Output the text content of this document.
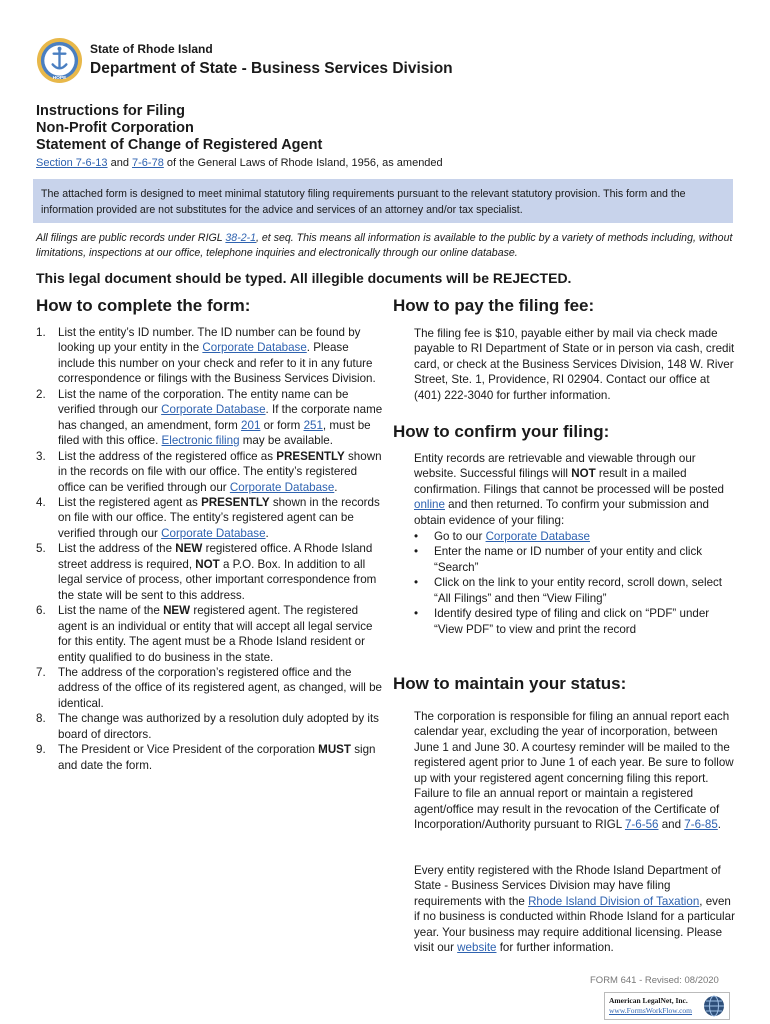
HOPE
State of Rhode Island
Department of State - Business Services Division
Instructions for Filing
Non-Profit Corporation
Statement of Change of Registered Agent
Section 7-6-13 and 7-6-78 of the General Laws of Rhode Island, 1956, as amended
The attached form is designed to meet minimal statutory filing requirements pursuant to the relevant statutory provision. This form and the information provided are not substitutes for the advice and services of an attorney and/or tax specialist.
All filings are public records under RIGL 38-2-1, et seq. This means all information is available to the public by a variety of methods including, without limitations, inspections at our office, telephone inquiries and electronically through our online database.
This legal document should be typed. All illegible documents will be REJECTED.
How to complete the form:
1. List the entity’s ID number. The ID number can be found by looking up your entity in the Corporate Database. Please include this number on your check and refer to it in any future correspondence or filings with the Business Services Division.
2. List the name of the corporation. The entity name can be verified through our Corporate Database. If the corporate name has changed, an amendment, form 201 or form 251, must be filed with this office. Electronic filing may be available.
3. List the address of the registered office as PRESENTLY shown in the records on file with our office. The entity’s registered office can be verified through our Corporate Database.
4. List the registered agent as PRESENTLY shown in the records on file with our office. The entity’s registered agent can be verified through our Corporate Database.
5. List the address of the NEW registered office. A Rhode Island street address is required, NOT a P.O. Box. In addition to all legal service of process, other important correspondence from the state will be sent to this address.
6. List the name of the NEW registered agent. The registered agent is an individual or entity that will accept all legal service for this entity. The agent must be a Rhode Island resident or entity qualified to do business in the state.
7. The address of the corporation’s registered office and the address of the office of its registered agent, as changed, will be identical.
8. The change was authorized by a resolution duly adopted by its board of directors.
9. The President or Vice President of the corporation MUST sign and date the form.
How to pay the filing fee:
The filing fee is $10, payable either by mail via check made payable to RI Department of State or in person via cash, credit card, or check at the Business Services Division, 148 W. River Street, Ste. 1, Providence, RI 02904. Contact our office at (401) 222-3040 for further information.
How to confirm your filing:
Entity records are retrievable and viewable through our website. Successful filings will NOT result in a mailed confirmation. Filings that cannot be processed will be posted online and then returned. To confirm your submission and obtain evidence of your filing:
• Go to our Corporate Database
• Enter the name or ID number of your entity and click “Search”
• Click on the link to your entity record, scroll down, select “All Filings” and then “View Filing”
• Identify desired type of filing and click on “PDF” under “View PDF” to view and print the record
How to maintain your status:
The corporation is responsible for filing an annual report each calendar year, excluding the year of incorporation, between June 1 and June 30. A courtesy reminder will be mailed to the registered agent prior to June 1 of each year. Be sure to follow up with your registered agent concerning filing this report. Failure to file an annual report or maintain a registered agent/office may result in the revocation of the Certificate of Incorporation/Authority pursuant to RIGL 7-6-56 and 7-6-85.
Every entity registered with the Rhode Island Department of State - Business Services Division may have filing requirements with the Rhode Island Division of Taxation, even if no business is conducted within Rhode Island for a particular year. Your business may require additional licensing. Please visit our website for further information.
FORM 641 - Revised: 08/2020
American LegalNet, Inc.
www.FormsWorkFlow.com
